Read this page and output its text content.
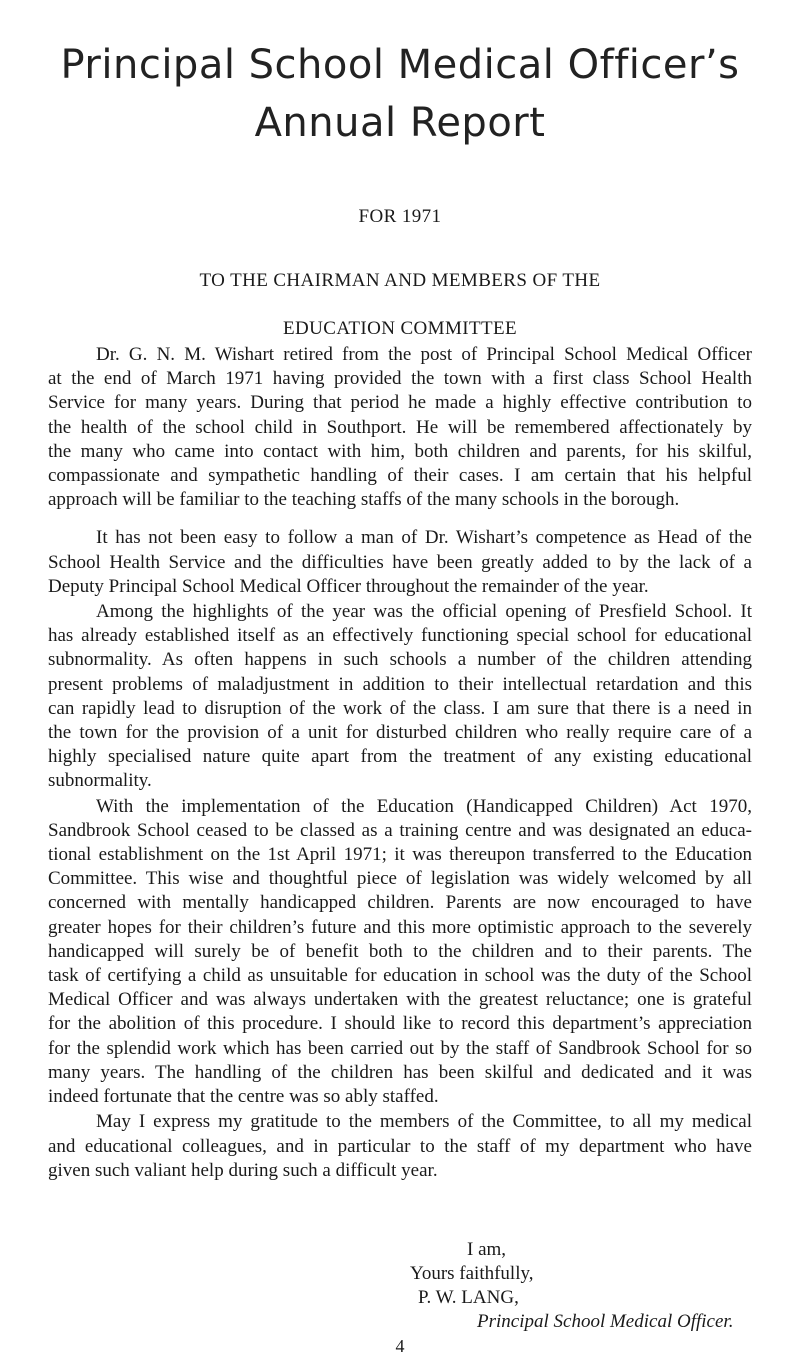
Principal School Medical Officer’s
Annual Report
FOR 1971
TO THE CHAIRMAN AND MEMBERS OF THE
EDUCATION COMMITTEE
Dr. G. N. M. Wishart retired from the post of Principal School Medical Officer
at the end of March 1971 having provided the town with a first class School Health
Service for many years. During that period he made a highly effective contribution to
the health of the school child in Southport. He will be remembered affectionately by
the many who came into contact with him, both children and parents, for his skilful,
compassionate and sympathetic handling of their cases. I am certain that his helpful
approach will be familiar to the teaching staffs of the many schools in the borough.
It has not been easy to follow a man of Dr. Wishart’s competence as Head of the
School Health Service and the difficulties have been greatly added to by the lack of a
Deputy Principal School Medical Officer throughout the remainder of the year.
Among the highlights of the year was the official opening of Presfield School. It
has already established itself as an effectively functioning special school for educational
subnormality. As often happens in such schools a number of the children attending
present problems of maladjustment in addition to their intellectual retardation and this
can rapidly lead to disruption of the work of the class. I am sure that there is a need in
the town for the provision of a unit for disturbed children who really require care of a
highly specialised nature quite apart from the treatment of any existing educational
subnormality.
With the implementation of the Education (Handicapped Children) Act 1970,
Sandbrook School ceased to be classed as a training centre and was designated an educa-
tional establishment on the 1st April 1971; it was thereupon transferred to the Education
Committee. This wise and thoughtful piece of legislation was widely welcomed by all
concerned with mentally handicapped children. Parents are now encouraged to have
greater hopes for their children’s future and this more optimistic approach to the severely
handicapped will surely be of benefit both to the children and to their parents. The
task of certifying a child as unsuitable for education in school was the duty of the School
Medical Officer and was always undertaken with the greatest reluctance; one is grateful
for the abolition of this procedure. I should like to record this department’s appreciation
for the splendid work which has been carried out by the staff of Sandbrook School for so
many years. The handling of the children has been skilful and dedicated and it was
indeed fortunate that the centre was so ably staffed.
May I express my gratitude to the members of the Committee, to all my medical
and educational colleagues, and in particular to the staff of my department who have
given such valiant help during such a difficult year.
I am,
Yours faithfully,
P. W. LANG,
Principal School Medical Officer.
4
